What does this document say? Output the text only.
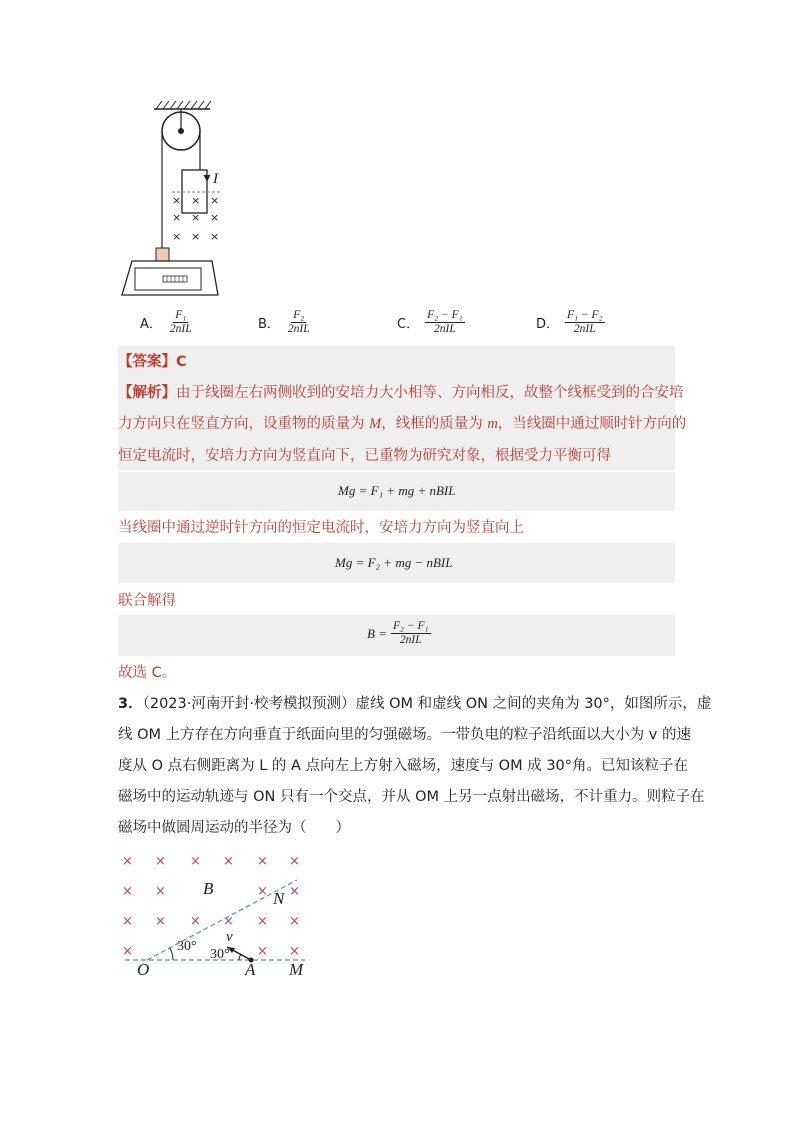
× × ×
× × ×
× × ×
I
A． $\frac{\text{F₁}}{\text{2nIL}}$	B． $\frac{\text{F₂}}{\text{2nIL}}$	C． $\frac{\text{F₂ − F₁}}{\text{2nIL}}$	D． $\frac{\text{F₁ − F₂}}{\text{2nIL}}$
【答案】C
【解析】由于线圈左右两侧收到的安培力大小相等、方向相反，故整个线框受到的合安培
力方向只在竖直方向，设重物的质量为 M，线框的质量为 m，当线圈中通过顺时针方向的
恒定电流时，安培力方向为竖直向下，已重物为研究对象，根据受力平衡可得
Mg = F₁ + mg + nBIL
当线圈中通过逆时针方向的恒定电流时，安培力方向为竖直向上
Mg = F₂ + mg − nBIL
联合解得
$B = \frac{\text{F₂ − F₁}}{\text{2nIL}}$
故选 C。
3．（2023·河南开封·校考模拟预测）虚线 OM 和虚线 ON 之间的夹角为 30°，如图所示，虚
线 OM 上方存在方向垂直于纸面向里的匀强磁场。一带负电的粒子沿纸面以大小为 v 的速
度从 O 点右侧距离为 L 的 A 点向左上方射入磁场，速度与 OM 成 30°角。已知该粒子在
磁场中的运动轨迹与 ON 只有一个交点，并从 OM 上另一点射出磁场，不计重力。则粒子在
磁场中做圆周运动的半径为（　　）
× × × × × ×
× ×	× ×
× × × × × ×
×	× ×
B
N
O	A M
v
30°
30°
